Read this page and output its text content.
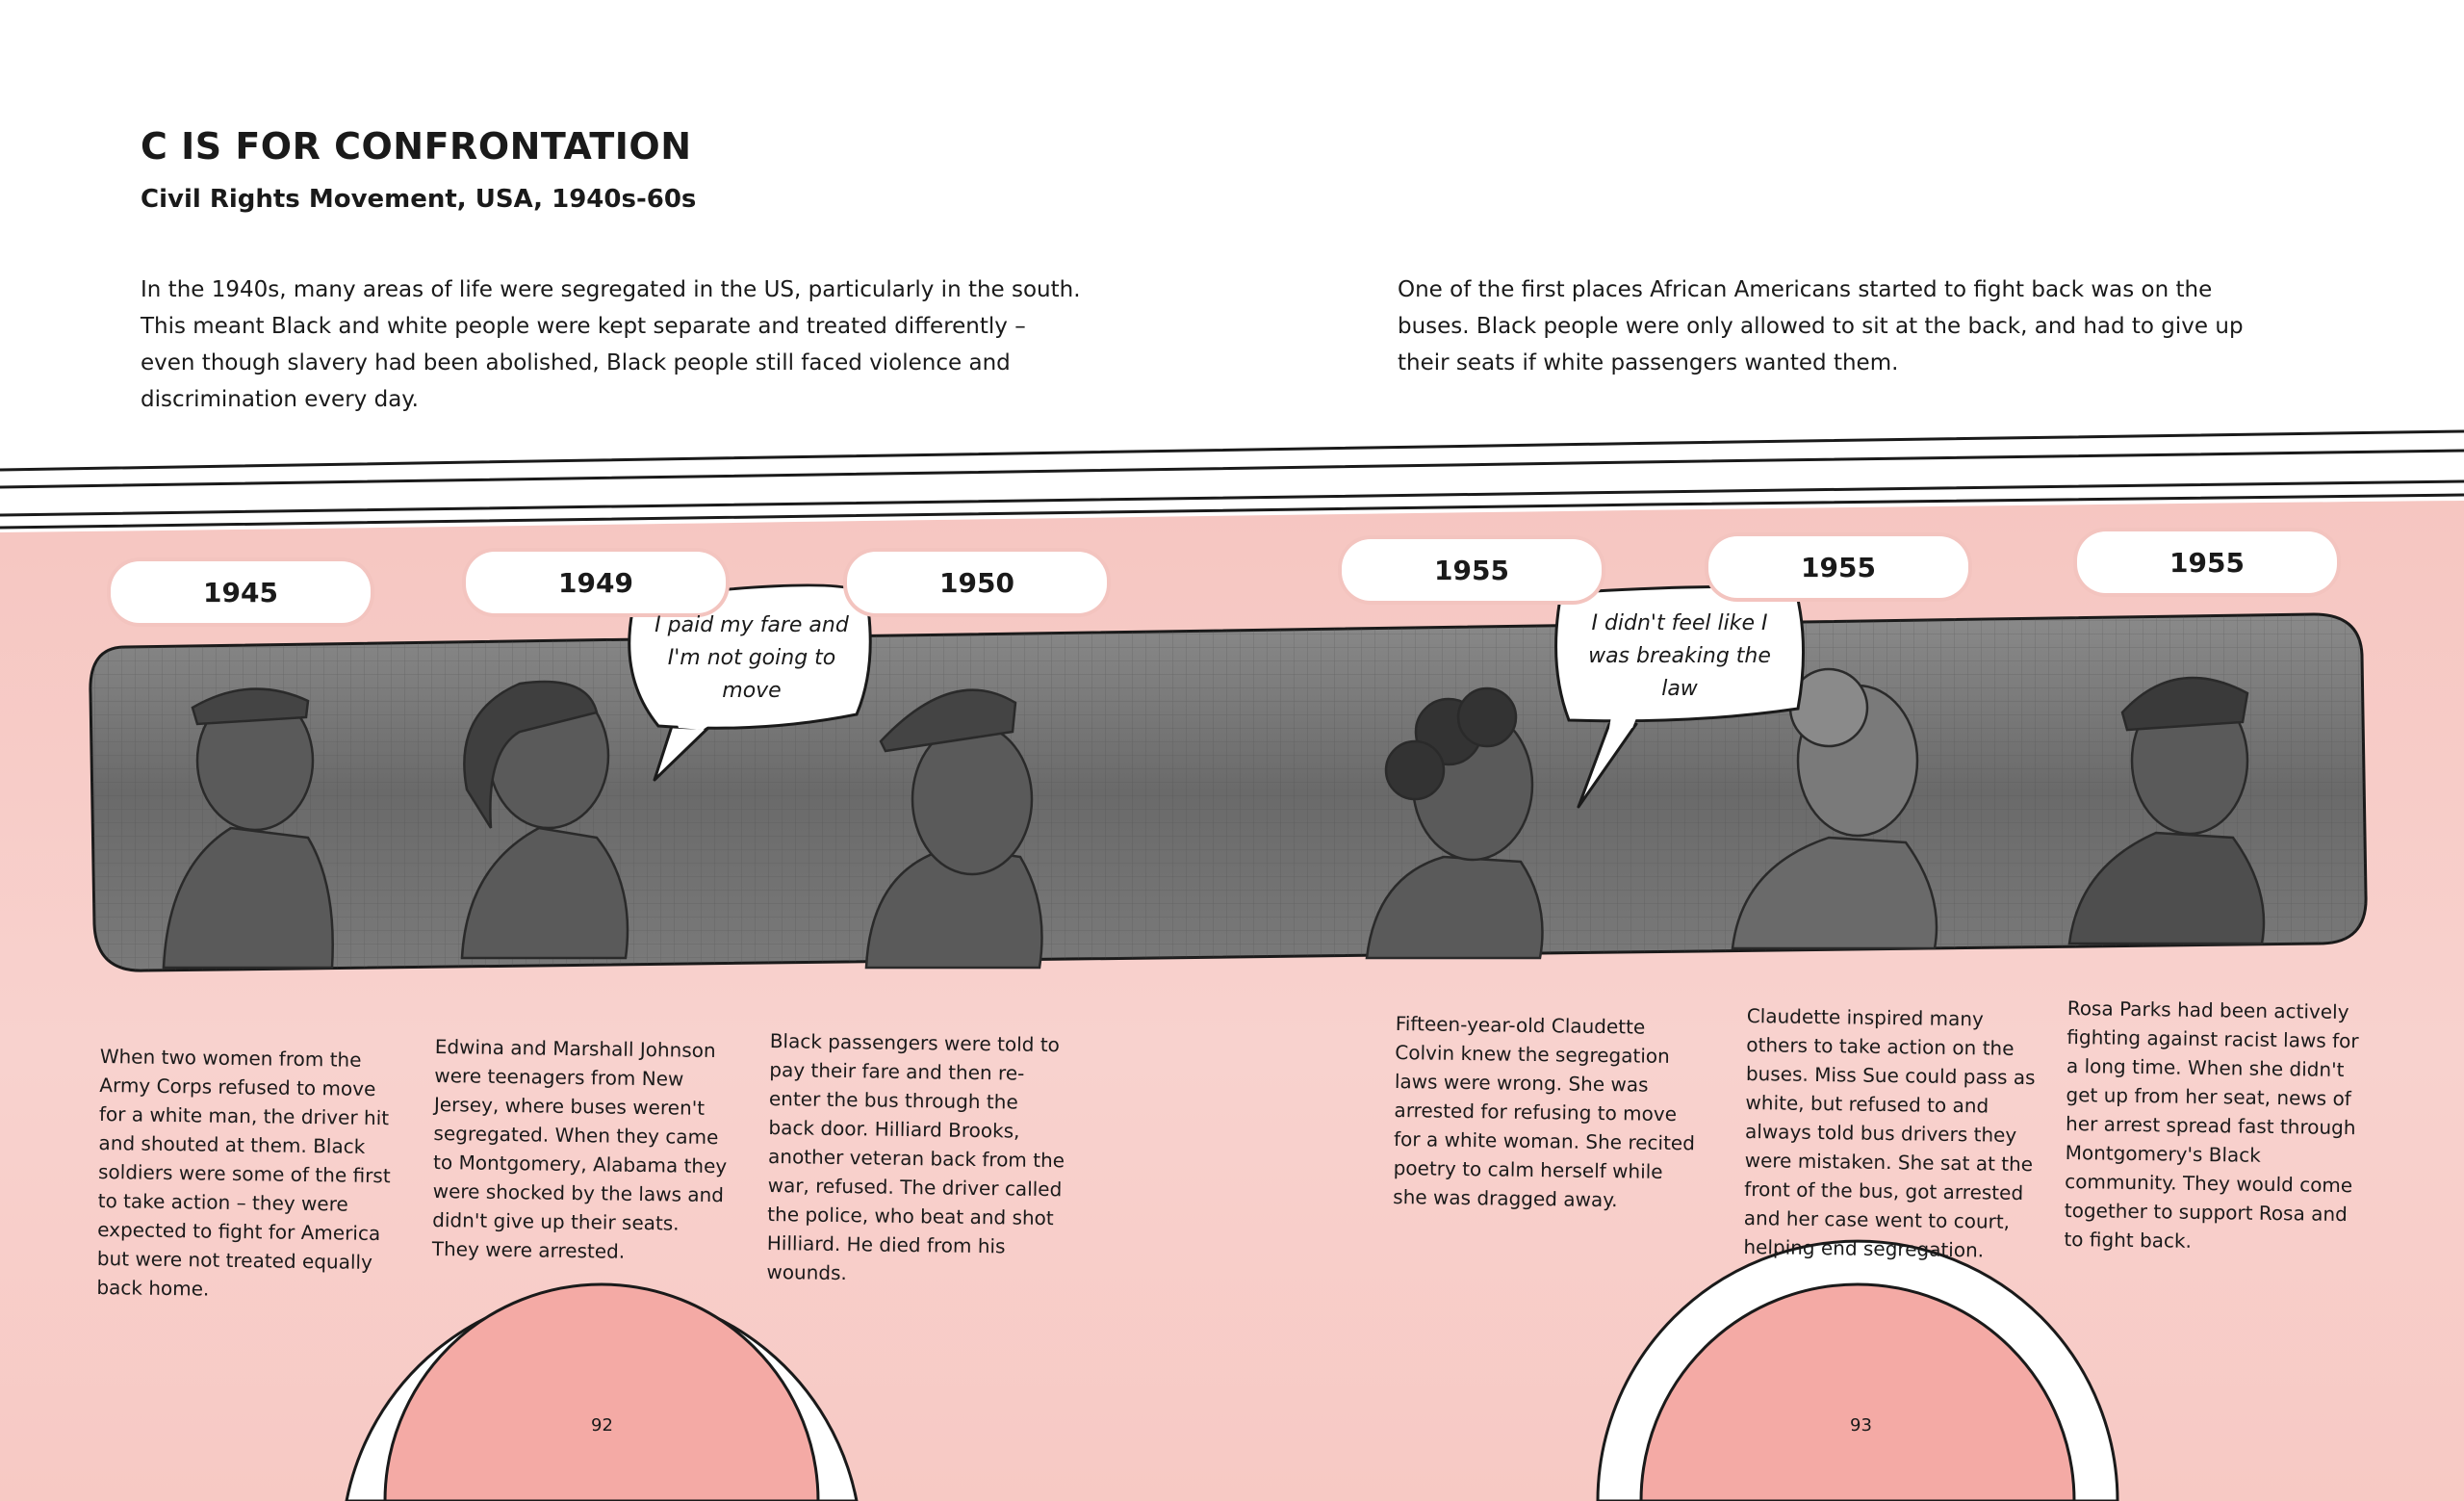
C IS FOR CONFRONTATION
Civil Rights Movement, USA, 1940s-60s

In the 1940s, many areas of life were segregated in the US, particularly in the south. This meant Black and white people were kept separate and treated differently – even though slavery had been abolished, Black people still faced violence and discrimination every day.

One of the first places African Americans started to fight back was on the buses. Black people were only allowed to sit at the back, and had to give up their seats if white passengers wanted them.

1945	1949	1950	1955	1955	1955
I paid my fare and I'm not going to move
I didn't feel like I was breaking the law
When two women from the Army Corps refused to move for a white man, the driver hit and shouted at them. Black soldiers were some of the first to take action – they were expected to fight for America but were not treated equally back home.
Edwina and Marshall Johnson were teenagers from New Jersey, where buses weren't segregated. When they came to Montgomery, Alabama they were shocked by the laws and didn't give up their seats. They were arrested.
Black passengers were told to pay their fare and then re-enter the bus through the back door. Hilliard Brooks, another veteran back from the war, refused. The driver called the police, who beat and shot Hilliard. He died from his wounds.
Fifteen-year-old Claudette Colvin knew the segregation laws were wrong. She was arrested for refusing to move for a white woman. She recited poetry to calm herself while she was dragged away.
Claudette inspired many others to take action on the buses. Miss Sue could pass as white, but refused to and always told bus drivers they were mistaken. She sat at the front of the bus, got arrested and her case went to court, helping end segregation.
Rosa Parks had been actively fighting against racist laws for a long time. When she didn't get up from her seat, news of her arrest spread fast through Montgomery's Black community. They would come together to support Rosa and to fight back.
92	93
